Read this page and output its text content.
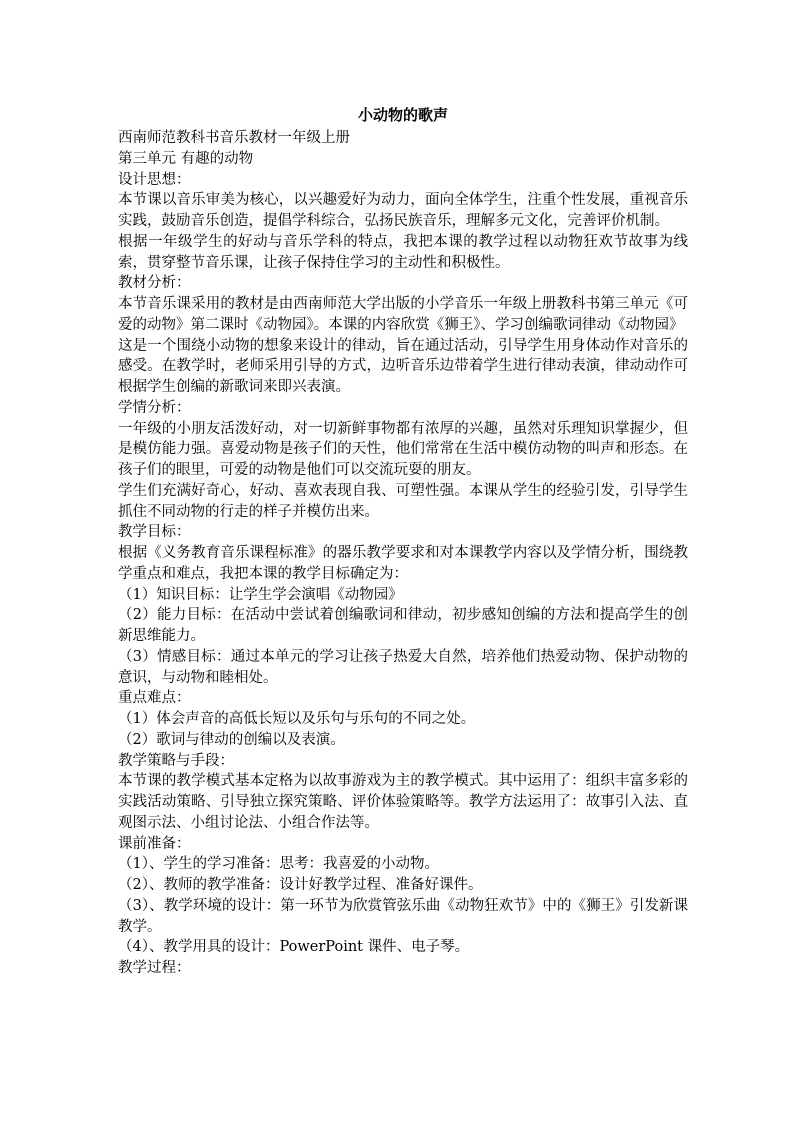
小动物的歌声

西南师范教科书音乐教材一年级上册

第三单元 有趣的动物

设计思想：

本节课以音乐审美为核心，以兴趣爱好为动力，面向全体学生，注重个性发展，重视音乐实践，鼓励音乐创造，提倡学科综合，弘扬民族音乐，理解多元文化，完善评价机制。

根据一年级学生的好动与音乐学科的特点，我把本课的教学过程以动物狂欢节故事为线索，贯穿整节音乐课，让孩子保持住学习的主动性和积极性。

教材分析：

本节音乐课采用的教材是由西南师范大学出版的小学音乐一年级上册教科书第三单元《可爱的动物》第二课时《动物园》。本课的内容欣赏《狮王》、学习创编歌词律动《动物园》

这是一个围绕小动物的想象来设计的律动，旨在通过活动，引导学生用身体动作对音乐的感受。在教学时，老师采用引导的方式，边听音乐边带着学生进行律动表演，律动动作可根据学生创编的新歌词来即兴表演。

学情分析：

一年级的小朋友活泼好动，对一切新鲜事物都有浓厚的兴趣，虽然对乐理知识掌握少，但是模仿能力强。喜爱动物是孩子们的天性，他们常常在生活中模仿动物的叫声和形态。在孩子们的眼里，可爱的动物是他们可以交流玩耍的朋友。

学生们充满好奇心，好动、喜欢表现自我、可塑性强。本课从学生的经验引发，引导学生抓住不同动物的行走的样子并模仿出来。

教学目标：

根据《义务教育音乐课程标准》的器乐教学要求和对本课教学内容以及学情分析，围绕教学重点和难点，我把本课的教学目标确定为：

（1）知识目标：让学生学会演唱《动物园》

（2）能力目标：在活动中尝试着创编歌词和律动，初步感知创编的方法和提高学生的创新思维能力。

（3）情感目标：通过本单元的学习让孩子热爱大自然，培养他们热爱动物、保护动物的意识，与动物和睦相处。

重点难点：

（1）体会声音的高低长短以及乐句与乐句的不同之处。

（2）歌词与律动的创编以及表演。

教学策略与手段：

本节课的教学模式基本定格为以故事游戏为主的教学模式。其中运用了：组织丰富多彩的实践活动策略、引导独立探究策略、评价体验策略等。教学方法运用了：故事引入法、直观图示法、小组讨论法、小组合作法等。

课前准备：

（1）、学生的学习准备：思考：我喜爱的小动物。

（2）、教师的教学准备：设计好教学过程、准备好课件。

（3）、教学环境的设计：第一环节为欣赏管弦乐曲《动物狂欢节》中的《狮王》引发新课教学。

（4）、教学用具的设计：PowerPoint 课件、电子琴。

教学过程：
